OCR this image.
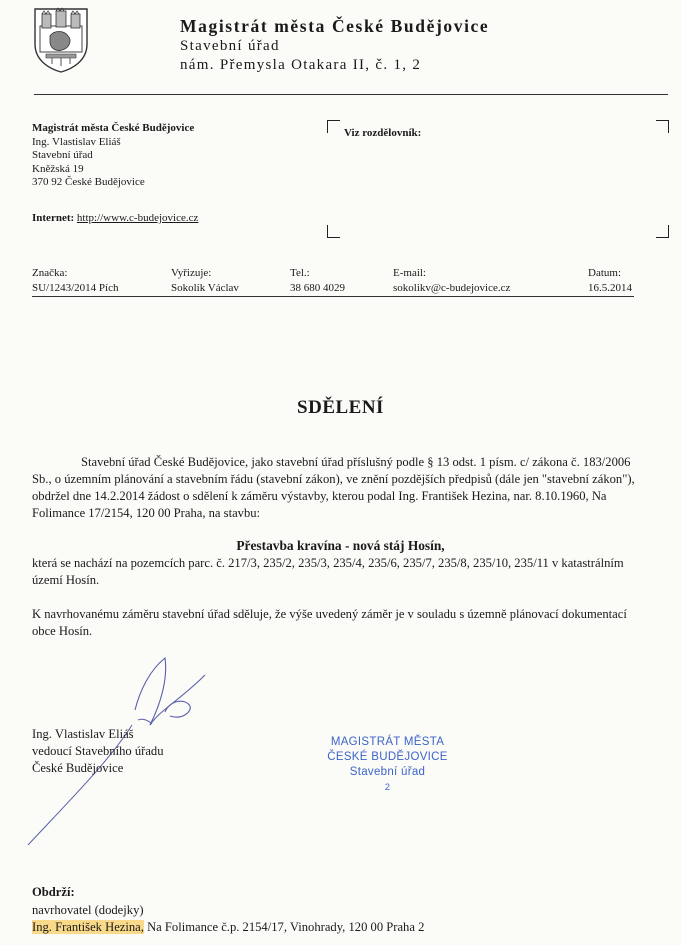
Magistrát města České Budějovice
Stavební úřad
nám. Přemysla Otakara II, č. 1, 2
Magistrát města České Budějovice
Ing. Vlastislav Eliáš
Stavební úřad
Kněžská 19
370 92 České Budějovice
Viz rozdělovník:
Internet: http://www.c-budejovice.cz
Značka:
SU/1243/2014 Pích
Vyřizuje:
Sokolík Václav
Tel.:
38 680 4029
E-mail:
sokolikv@c-budejovice.cz
Datum:
16.5.2014
SDĚLENÍ
Stavební úřad České Budějovice, jako stavební úřad příslušný podle § 13 odst. 1 písm. c/ zákona č. 183/2006 Sb., o územním plánování a stavebním řádu (stavební zákon), ve znění pozdějších předpisů (dále jen "stavební zákon"), obdržel dne 14.2.2014 žádost o sdělení k záměru výstavby, kterou podal Ing. František Hezina, nar. 8.10.1960, Na Folimance 17/2154, 120 00 Praha, na stavbu:
Přestavba kravína - nová stáj Hosín,
která se nachází na pozemcích parc. č. 217/3, 235/2, 235/3, 235/4, 235/6, 235/7, 235/8, 235/10, 235/11 v katastrálním území Hosín.
K navrhovanému záměru stavební úřad sděluje, že výše uvedený záměr je v souladu s územně plánovací dokumentací obce Hosín.
Ing. Vlastislav Eliáš
vedoucí Stavebního úřadu
České Budějovice
MAGISTRÁT MĚSTA
ČESKÉ BUDĚJOVICE
Stavební úřad
2
Obdrží:
navrhovatel (dodejky)
Ing. František Hezina, Na Folimance č.p. 2154/17, Vinohrady, 120 00 Praha 2
